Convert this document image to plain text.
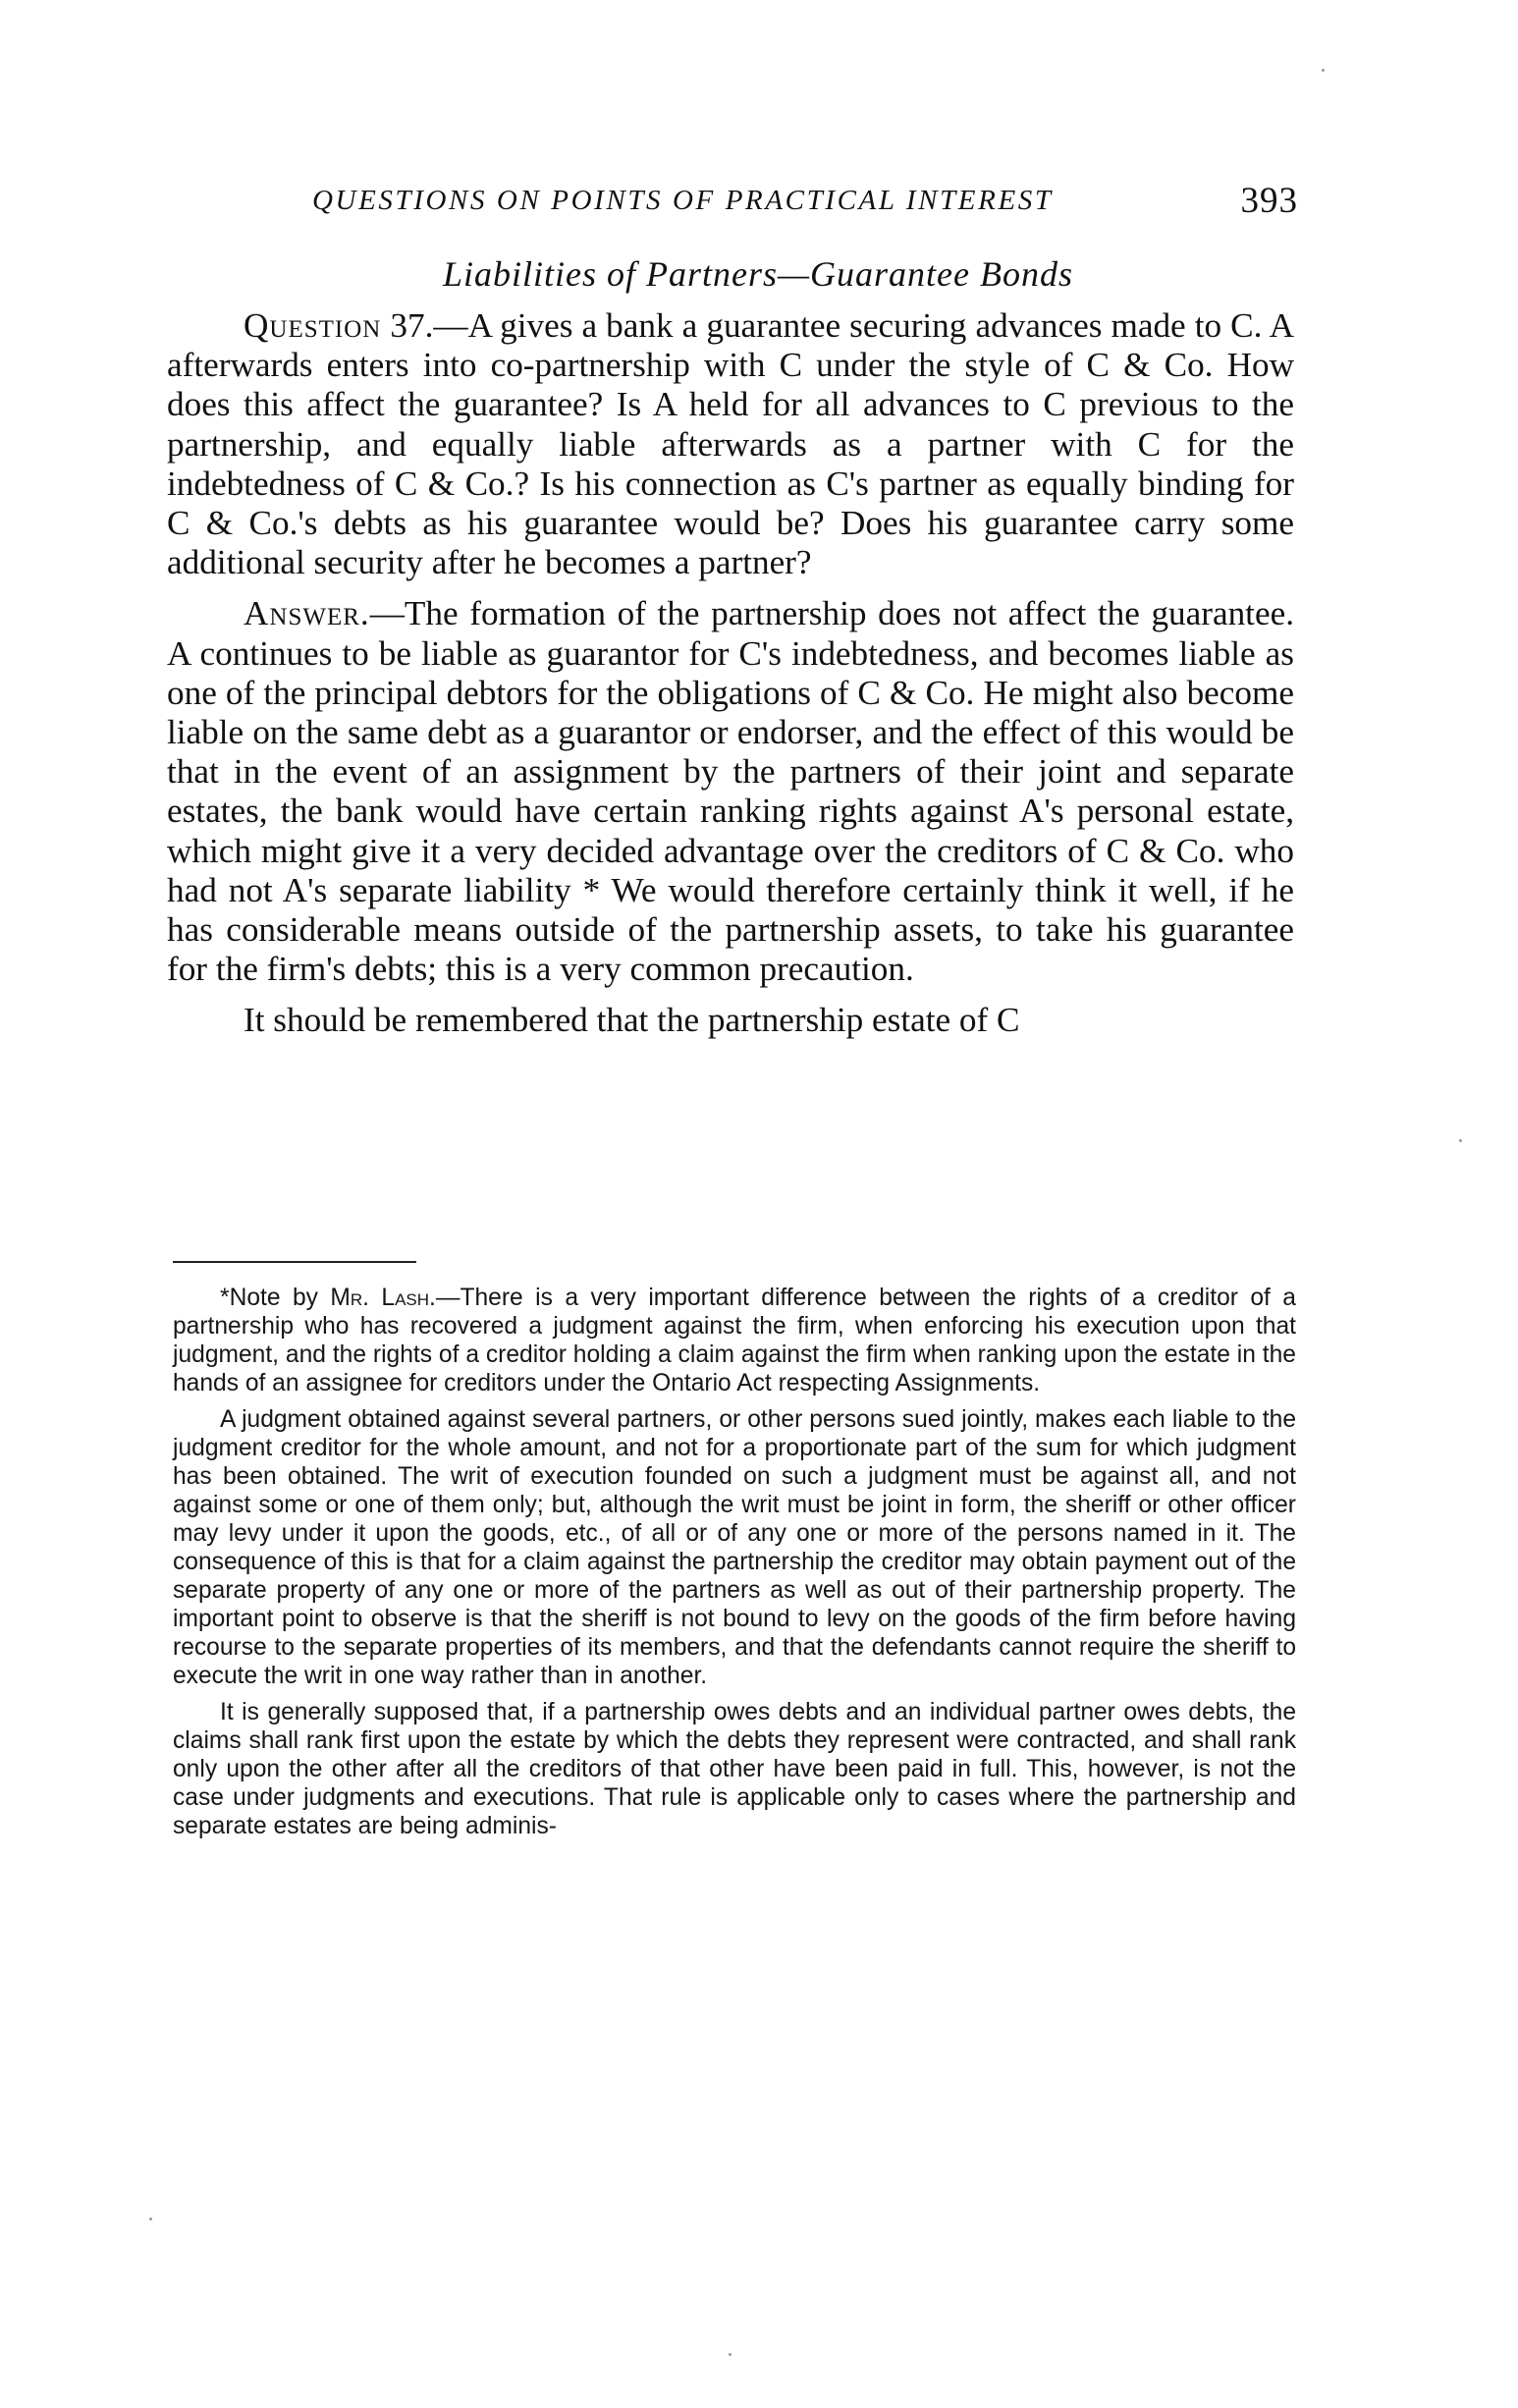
QUESTIONS ON POINTS OF PRACTICAL INTEREST	393
Liabilities of Partners—Guarantee Bonds

Question 37.—A gives a bank a guarantee securing advances made to C. A afterwards enters into co-partnership with C under the style of C & Co. How does this affect the guarantee? Is A held for all advances to C previous to the partnership, and equally liable afterwards as a partner with C for the indebtedness of C & Co.? Is his connection as C's partner as equally binding for C & Co.'s debts as his guarantee would be? Does his guarantee carry some additional security after he becomes a partner?

Answer.—The formation of the partnership does not affect the guarantee. A continues to be liable as guarantor for C's indebtedness, and becomes liable as one of the principal debtors for the obligations of C & Co. He might also become liable on the same debt as a guarantor or endorser, and the effect of this would be that in the event of an assignment by the partners of their joint and separate estates, the bank would have certain ranking rights against A's personal estate, which might give it a very decided advantage over the creditors of C & Co. who had not A's separate liability * We would therefore certainly think it well, if he has considerable means outside of the partnership assets, to take his guarantee for the firm's debts; this is a very common precaution.

It should be remembered that the partnership estate of C

*Note by Mr. Lash.—There is a very important difference between the rights of a creditor of a partnership who has recovered a judgment against the firm, when enforcing his execution upon that judgment, and the rights of a creditor holding a claim against the firm when ranking upon the estate in the hands of an assignee for creditors under the Ontario Act respecting Assignments.

A judgment obtained against several partners, or other persons sued jointly, makes each liable to the judgment creditor for the whole amount, and not for a proportionate part of the sum for which judgment has been obtained. The writ of execution founded on such a judgment must be against all, and not against some or one of them only; but, although the writ must be joint in form, the sheriff or other officer may levy under it upon the goods, etc., of all or of any one or more of the persons named in it. The consequence of this is that for a claim against the partnership the creditor may obtain payment out of the separate property of any one or more of the partners as well as out of their partnership property. The important point to observe is that the sheriff is not bound to levy on the goods of the firm before having recourse to the separate properties of its members, and that the defendants cannot require the sheriff to execute the writ in one way rather than in another.

It is generally supposed that, if a partnership owes debts and an individual partner owes debts, the claims shall rank first upon the estate by which the debts they represent were contracted, and shall rank only upon the other after all the creditors of that other have been paid in full. This, however, is not the case under judgments and executions. That rule is applicable only to cases where the partnership and separate estates are being adminis-
